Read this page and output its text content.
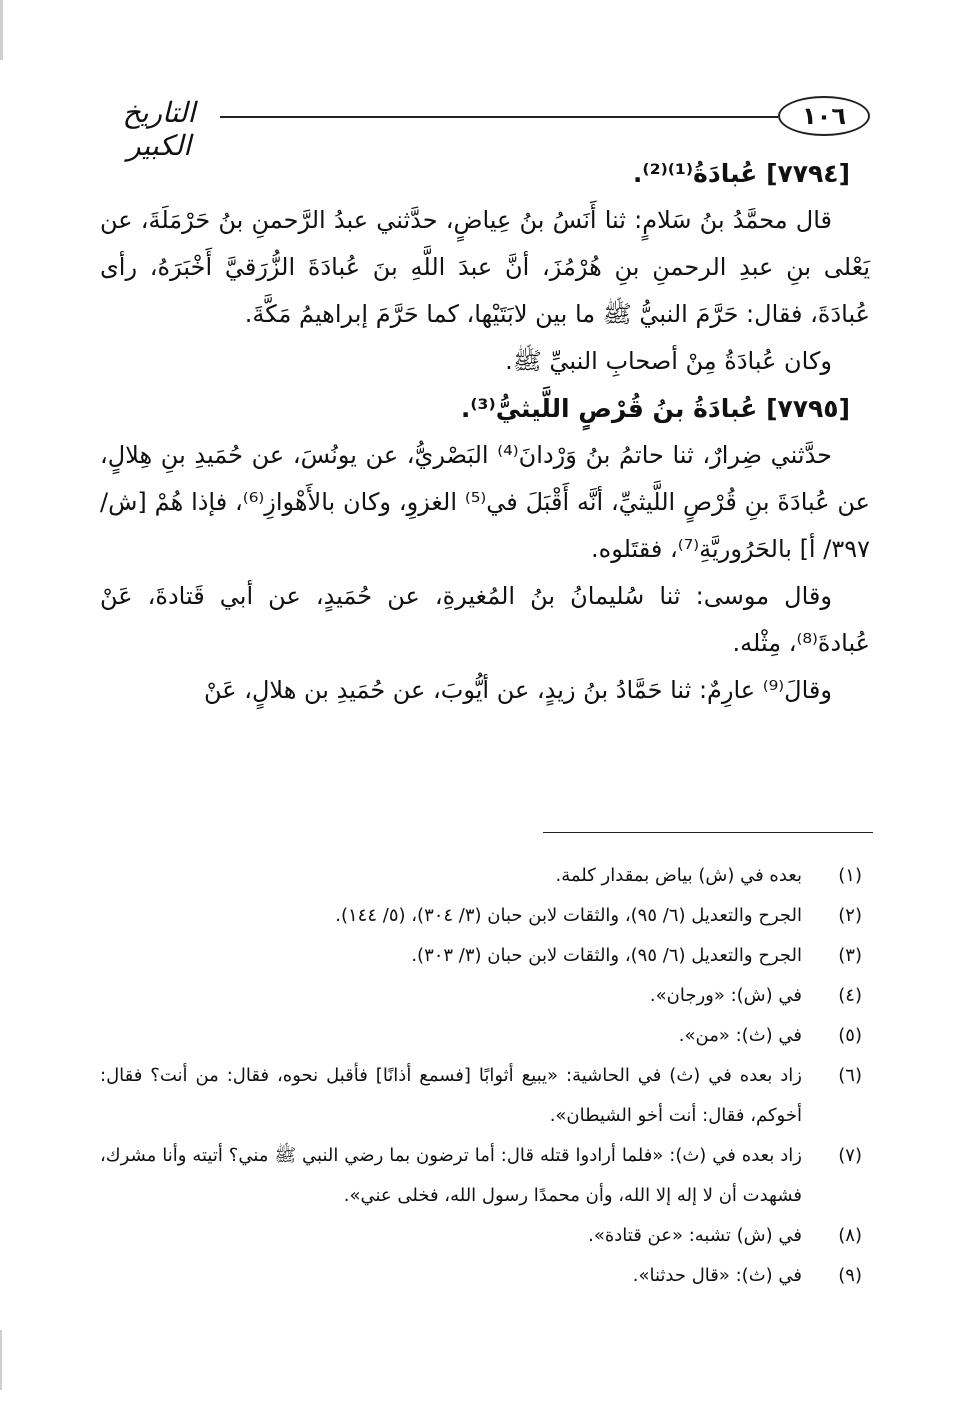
١٠٦
التاريخ الكبير

[٧٧٩٤] عُبادَةُ⁽¹⁾⁽²⁾.

قال محمَّدُ بنُ سَلامٍ: ثنا أَنَسُ بنُ عِياضٍ، حدَّثني عبدُ الرَّحمنِ بنُ حَرْمَلَةَ، عن يَعْلى بنِ عبدِ الرحمنِ بنِ هُرْمُزَ، أنَّ عبدَ اللَّهِ بنَ عُبادَةَ الزُّرَقيَّ أَخْبَرَهُ، رأى عُبادَةَ، فقال: حَرَّمَ النبيُّ ﷺ ما بين لابَتَيْها، كما حَرَّمَ إبراهيمُ مَكَّةَ.

وكان عُبادَةُ مِنْ أصحابِ النبيِّ ﷺ.

[٧٧٩٥] عُبادَةُ بنُ قُرْصٍ اللَّيثيُّ⁽³⁾.

حدَّثني ضِرارٌ، ثنا حاتمُ بنُ وَرْدانَ⁽⁴⁾ البَصْريُّ، عن يونُسَ، عن حُمَيدِ بنِ هِلالٍ، عن عُبادَةَ بنِ قُرْصٍ اللَّيثيِّ، أنَّه أَقْبَلَ في⁽⁵⁾ الغزوِ، وكان بالأَهْوازِ⁽⁶⁾، فإذا هُمْ [ش/ ٣٩٧/ أ] بالحَرُوريَّةِ⁽⁷⁾، فقتَلوه.

وقال موسى: ثنا سُليمانُ بنُ المُغيرةِ، عن حُمَيدٍ، عن أبي قَتادةَ، عَنْ عُبادةَ⁽⁸⁾، مِثْله.

وقالَ⁽⁹⁾ عارِمٌ: ثنا حَمَّادُ بنُ زيدٍ، عن أيُّوبَ، عن حُمَيدِ بن هلالٍ، عَنْ

(١)
بعده في (ش) بياض بمقدار كلمة.
(٢)
الجرح والتعديل (٦/ ٩٥)، والثقات لابن حبان (٣/ ٣٠٤)، (٥/ ١٤٤).
(٣)
الجرح والتعديل (٦/ ٩٥)، والثقات لابن حبان (٣/ ٣٠٣).
(٤)
في (ش): «ورجان».
(٥)
في (ث): «من».
(٦)
زاد بعده في (ث) في الحاشية: «يبيع أثوابًا [فسمع أذانًا] فأقبل نحوه، فقال: من أنت؟ فقال: أخوكم، فقال: أنت أخو الشيطان».
(٧)
زاد بعده في (ث): «فلما أرادوا قتله قال: أما ترضون بما رضي النبي ﷺ مني؟ أتيته وأنا مشرك، فشهدت أن لا إله إلا الله، وأن محمدًا رسول الله، فخلى عني».
(٨)
في (ش) تشبه: «عن قتادة».
(٩)
في (ث): «قال حدثنا».
